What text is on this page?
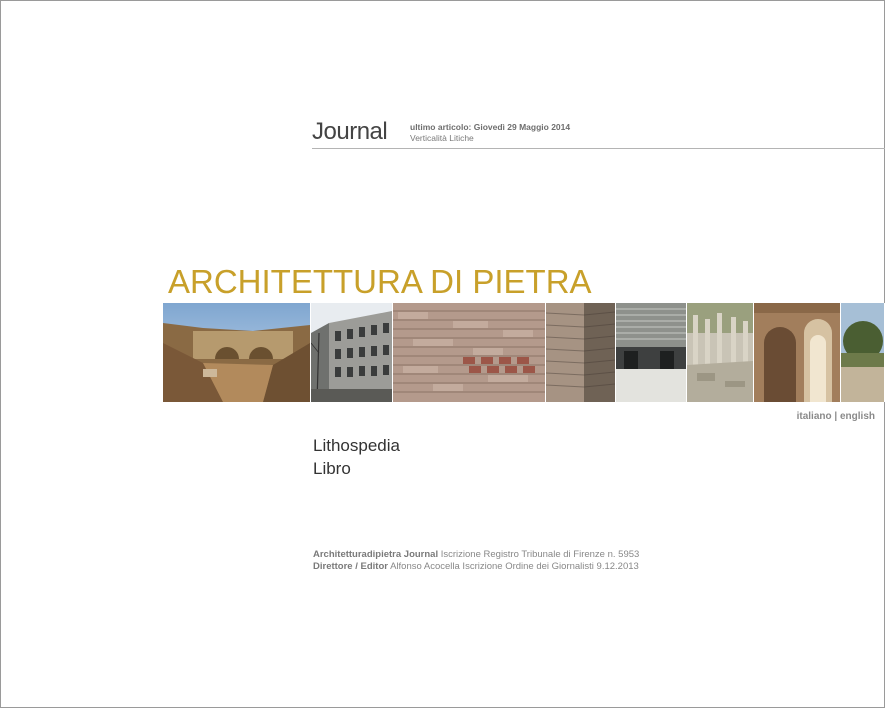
Journal	ultimo articolo: Giovedì 29 Maggio 2014
Verticalità Litiche
ARCHITETTURA DI PIETRA
italiano | english
Lithospedia
Libro
Architetturadipietra Journal Iscrizione Registro Tribunale di Firenze n. 5953
Direttore / Editor Alfonso Acocella Iscrizione Ordine dei Giornalisti 9.12.2013
